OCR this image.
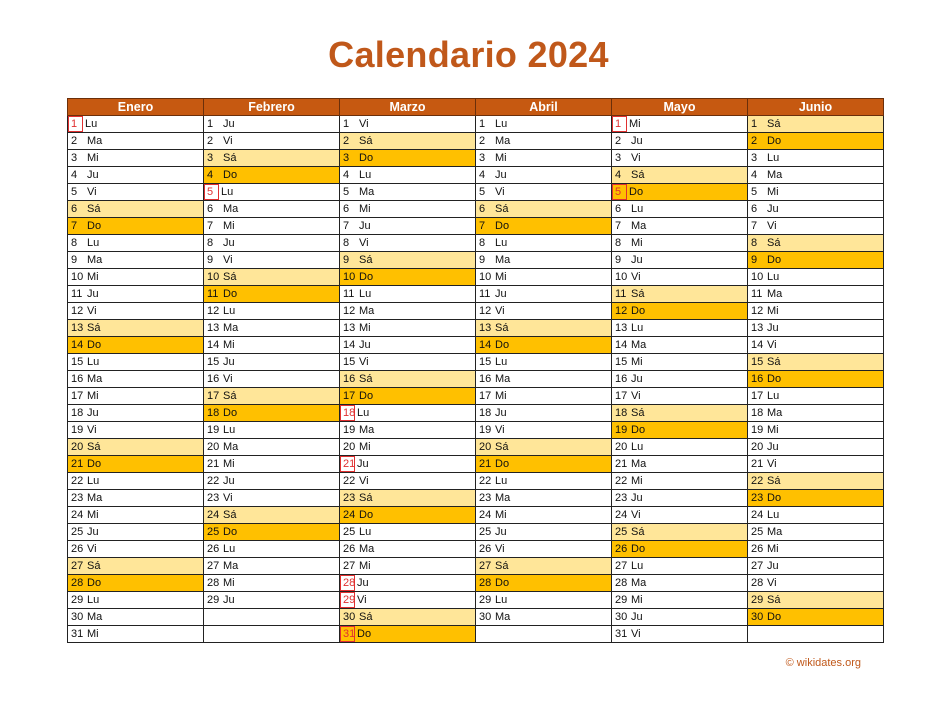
Calendario 2024
Enero	Febrero	Marzo	Abril	Mayo	Junio

1 Lu	1 Ju	1 Vi	1 Lu	1 Mi	1 Sá

2 Ma	2 Vi	2 Sá	2 Ma	2 Ju	2 Do

3 Mi	3 Sá	3 Do	3 Mi	3 Vi	3 Lu

4 Ju	4 Do	4 Lu	4 Ju	4 Sá	4 Ma

5 Vi	5 Lu	5 Ma	5 Vi	5 Do	5 Mi

6 Sá	6 Ma	6 Mi	6 Sá	6 Lu	6 Ju

7 Do	7 Mi	7 Ju	7 Do	7 Ma	7 Vi

8 Lu	8 Ju	8 Vi	8 Lu	8 Mi	8 Sá

9 Ma	9 Vi	9 Sá	9 Ma	9 Ju	9 Do

10 Mi	10 Sá	10 Do	10 Mi	10 Vi	10 Lu

11 Ju	11 Do	11 Lu	11 Ju	11 Sá	11 Ma

12 Vi	12 Lu	12 Ma	12 Vi	12 Do	12 Mi

13 Sá	13 Ma	13 Mi	13 Sá	13 Lu	13 Ju

14 Do	14 Mi	14 Ju	14 Do	14 Ma	14 Vi

15 Lu	15 Ju	15 Vi	15 Lu	15 Mi	15 Sá

16 Ma	16 Vi	16 Sá	16 Ma	16 Ju	16 Do

17 Mi	17 Sá	17 Do	17 Mi	17 Vi	17 Lu

18 Ju	18 Do	18 Lu	18 Ju	18 Sá	18 Ma

19 Vi	19 Lu	19 Ma	19 Vi	19 Do	19 Mi

20 Sá	20 Ma	20 Mi	20 Sá	20 Lu	20 Ju

21 Do	21 Mi	21 Ju	21 Do	21 Ma	21 Vi

22 Lu	22 Ju	22 Vi	22 Lu	22 Mi	22 Sá

23 Ma	23 Vi	23 Sá	23 Ma	23 Ju	23 Do

24 Mi	24 Sá	24 Do	24 Mi	24 Vi	24 Lu

25 Ju	25 Do	25 Lu	25 Ju	25 Sá	25 Ma

26 Vi	26 Lu	26 Ma	26 Vi	26 Do	26 Mi

27 Sá	27 Ma	27 Mi	27 Sá	27 Lu	27 Ju

28 Do	28 Mi	28 Ju	28 Do	28 Ma	28 Vi

29 Lu	29 Ju	29 Vi	29 Lu	29 Mi	29 Sá

30 Ma		30 Sá	30 Ma	30 Ju	30 Do

31 Mi		31 Do		31 Vi	

© wikidates.org
